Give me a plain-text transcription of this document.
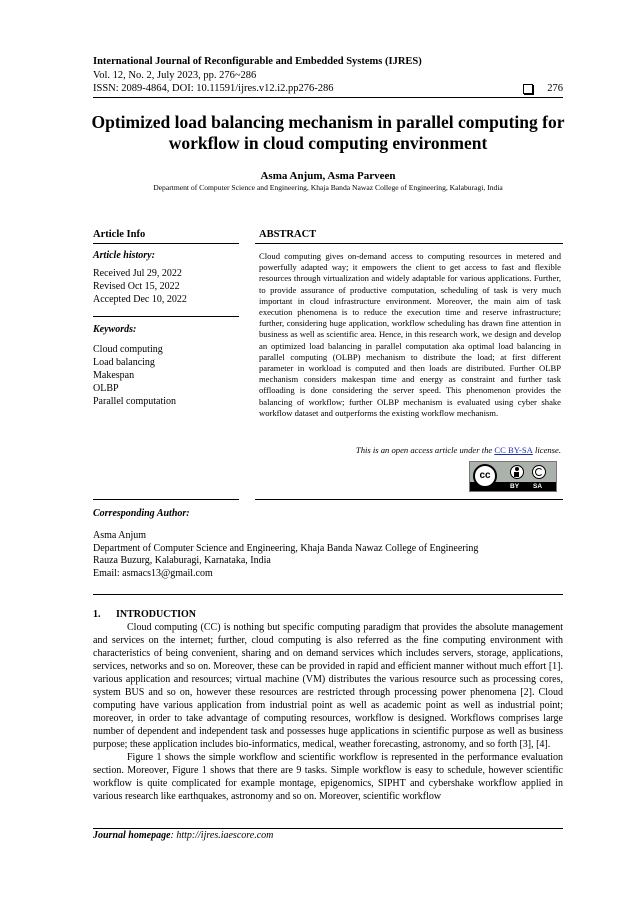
International Journal of Reconfigurable and Embedded Systems (IJRES)
Vol. 12, No. 2, July 2023, pp. 276~286
ISSN: 2089-4864, DOI: 10.11591/ijres.v12.i2.pp276-286	276
Optimized load balancing mechanism in parallel computing for workflow in cloud computing environment
Asma Anjum, Asma Parveen
Department of Computer Science and Engineering, Khaja Banda Nawaz College of Engineering, Kalaburagi, India
Article Info	ABSTRACT
Article history:
Received Jul 29, 2022
Revised Oct 15, 2022
Accepted Dec 10, 2022
Keywords:
Cloud computing
Load balancing
Makespan
OLBP
Parallel computation
Cloud computing gives on-demand access to computing resources in metered and powerfully adapted way; it empowers the client to get access to fast and flexible resources through virtualization and widely adaptable for various applications. Further, to provide assurance of productive computation, scheduling of task is very much important in cloud infrastructure environment. Moreover, the main aim of task execution phenomena is to reduce the execution time and reserve infrastructure; further, considering huge application, workflow scheduling has drawn fine attention in business as well as scientific area. Hence, in this research work, we design and develop an optimized load balancing in parallel computation aka optimal load balancing in parallel computing (OLBP) mechanism to distribute the load; at first different parameter in workload is computed and then loads are distributed. Further OLBP mechanism considers makespan time and energy as constraint and further task offloading is done considering the server speed. This phenomenon provides the balancing of workflow; further OLBP mechanism is evaluated using cyber shake workflow dataset and outperforms the existing workflow mechanism.
This is an open access article under the CC BY-SA license.
cc
BY SA
Corresponding Author:
Asma Anjum
Department of Computer Science and Engineering, Khaja Banda Nawaz College of Engineering
Rauza Buzurg, Kalaburagi, Karnataka, India
Email: asmacs13@gmail.com
1. INTRODUCTION

Cloud computing (CC) is nothing but specific computing paradigm that provides the absolute management and services on the internet; further, cloud computing is also referred as the fine computing environment with characteristics of being convenient, sharing and on demand services which includes servers, storage, applications, services, networks and so on. Moreover, these can be provided in rapid and efficient manner without much effort [1]. various application and resources; virtual machine (VM) distributes the various resource such as processing cores, system BUS and so on, however these resources are restricted through processing power phenomena [2]. Cloud computing have various application from industrial point as well as academic point as well as industrial point; moreover, in order to take advantage of computing resources, workflow is designed. Workflows comprises large number of dependent and independent task and possesses huge applications in scientific purpose as well as business purpose; these application includes bio-informatics, medical, weather forecasting, astronomy, and so forth [3], [4].

Figure 1 shows the simple workflow and scientific workflow is represented in the performance evaluation section. Moreover, Figure 1 shows that there are 9 tasks. Simple workflow is easy to schedule, however scientific workflow is quite complicated for example montage, epigenomics, SIPHT and cybershake workflow applied in various research like earthquakes, astronomy and so on. Moreover, scientific workflow

Journal homepage: http://ijres.iaescore.com
